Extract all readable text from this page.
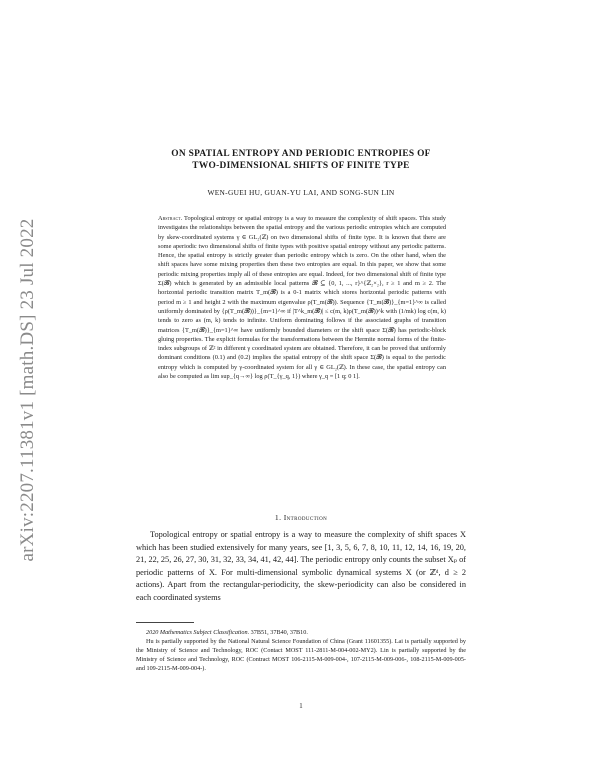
arXiv:2207.11381v1 [math.DS] 23 Jul 2022
ON SPATIAL ENTROPY AND PERIODIC ENTROPIES OF
TWO-DIMENSIONAL SHIFTS OF FINITE TYPE
WEN-GUEI HU, GUAN-YU LAI, AND SONG-SUN LIN
Abstract. Topological entropy or spatial entropy is a way to measure the complexity of shift spaces. This study investigates the relationships between the spatial entropy and the various periodic entropies which are computed by skew-coordinated systems γ ∈ GL₂(ℤ) on two dimensional shifts of finite type. It is known that there are some aperiodic two dimensional shifts of finite types with positive spatial entropy without any periodic patterns. Hence, the spatial entropy is strictly greater than periodic entropy which is zero. On the other hand, when the shift spaces have some mixing properties then these two entropies are equal. In this paper, we show that some periodic mixing properties imply all of these entropies are equal. Indeed, for two dimensional shift of finite type Σ(𝓑) which is generated by an admissible local patterns 𝓑 ⊆ {0, 1, ..., r}^{ℤ₂×₂}, r ≥ 1 and m ≥ 2. The horizontal periodic transition matrix T_m(𝓑) is a 0-1 matrix which stores horizontal periodic patterns with period m ≥ 1 and height 2 with the maximum eigenvalue ρ(T_m(𝓑)). Sequence {T_m(𝓑)}_{m=1}^∞ is called uniformly dominated by {ρ(T_m(𝓑))}_{m=1}^∞ if |T^k_m(𝓑)| ≤ c(m, k)ρ(T_m(𝓑))^k with (1/mk) log c(m, k) tends to zero as (m, k) tends to infinite. Uniform dominating follows if the associated graphs of transition matrices {T_m(𝓑)}_{m=1}^∞ have uniformly bounded diameters or the shift space Σ(𝓑) has periodic-block gluing properties. The explicit formulas for the transformations between the Hermite normal forms of the finite-index subgroups of ℤ² in different γ coordinated system are obtained. Therefore, it can be proved that uniformly dominant conditions (0.1) and (0.2) implies the spatial entropy of the shift space Σ(𝓑) is equal to the periodic entropy which is computed by γ-coordinated system for all γ ∈ GL₂(ℤ). In these case, the spatial entropy can also be computed as lim sup_{q→∞} log ρ(T_{γ_q, 1}) where γ_q = [1 q; 0 1].
1. Introduction
Topological entropy or spatial entropy is a way to measure the complexity of shift spaces X which has been studied extensively for many years, see [1, 3, 5, 6, 7, 8, 10, 11, 12, 14, 16, 19, 20, 21, 22, 25, 26, 27, 30, 31, 32, 33, 34, 41, 42, 44]. The periodic entropy only counts the subset Xₚ of periodic patterns of X. For multi-dimensional symbolic dynamical systems X (or ℤᵈ, d ≥ 2 actions). Apart from the rectangular-periodicity, the skew-periodicity can also be considered in each coordinated systems

2020 Mathematics Subject Classification. 37B51, 37B40, 37B10.

Hu is partially supported by the National Natural Science Foundation of China (Grant 11601355). Lai is partially supported by the Ministry of Science and Technology, ROC (Contact MOST 111-2811-M-004-002-MY2). Lin is partially supported by the Ministry of Science and Technology, ROC (Contract MOST 106-2115-M-009-004-, 107-2115-M-009-006-, 108-2115-M-009-005- and 109-2115-M-009-004-).

1
